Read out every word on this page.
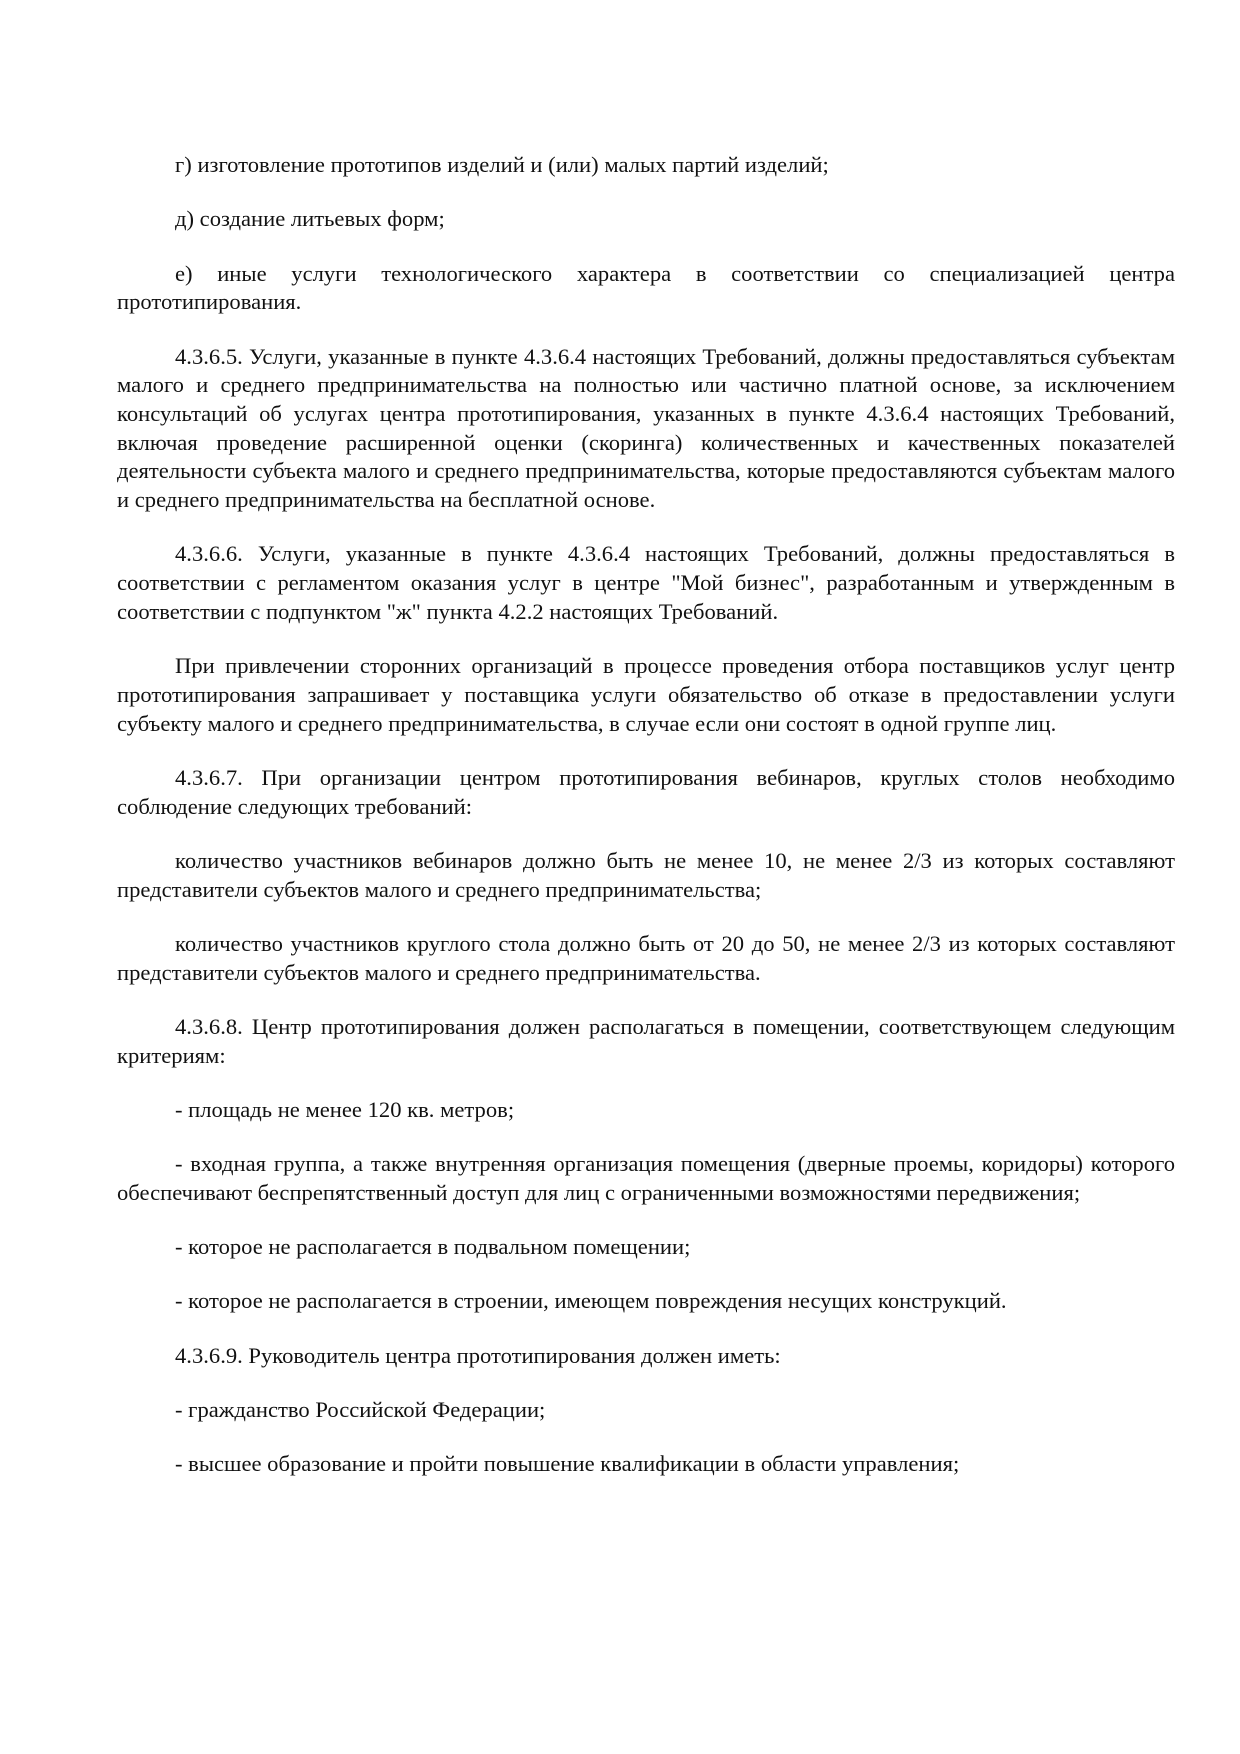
г) изготовление прототипов изделий и (или) малых партий изделий;

д) создание литьевых форм;

е) иные услуги технологического характера в соответствии со специализацией центра прототипирования.

4.3.6.5. Услуги, указанные в пункте 4.3.6.4 настоящих Требований, должны предоставляться субъектам малого и среднего предпринимательства на полностью или частично платной основе, за исключением консультаций об услугах центра прототипирования, указанных в пункте 4.3.6.4 настоящих Требований, включая проведение расширенной оценки (скоринга) количественных и качественных показателей деятельности субъекта малого и среднего предпринимательства, которые предоставляются субъектам малого и среднего предпринимательства на бесплатной основе.

4.3.6.6. Услуги, указанные в пункте 4.3.6.4 настоящих Требований, должны предоставляться в соответствии с регламентом оказания услуг в центре "Мой бизнес", разработанным и утвержденным в соответствии с подпунктом "ж" пункта 4.2.2 настоящих Требований.

При привлечении сторонних организаций в процессе проведения отбора поставщиков услуг центр прототипирования запрашивает у поставщика услуги обязательство об отказе в предоставлении услуги субъекту малого и среднего предпринимательства, в случае если они состоят в одной группе лиц.

4.3.6.7. При организации центром прототипирования вебинаров, круглых столов необходимо соблюдение следующих требований:

количество участников вебинаров должно быть не менее 10, не менее 2/3 из которых составляют представители субъектов малого и среднего предпринимательства;

количество участников круглого стола должно быть от 20 до 50, не менее 2/3 из которых составляют представители субъектов малого и среднего предпринимательства.

4.3.6.8. Центр прототипирования должен располагаться в помещении, соответствующем следующим критериям:

- площадь не менее 120 кв. метров;

- входная группа, а также внутренняя организация помещения (дверные проемы, коридоры) которого обеспечивают беспрепятственный доступ для лиц с ограниченными возможностями передвижения;

- которое не располагается в подвальном помещении;

- которое не располагается в строении, имеющем повреждения несущих конструкций.

4.3.6.9. Руководитель центра прототипирования должен иметь:

- гражданство Российской Федерации;

- высшее образование и пройти повышение квалификации в области управления;
